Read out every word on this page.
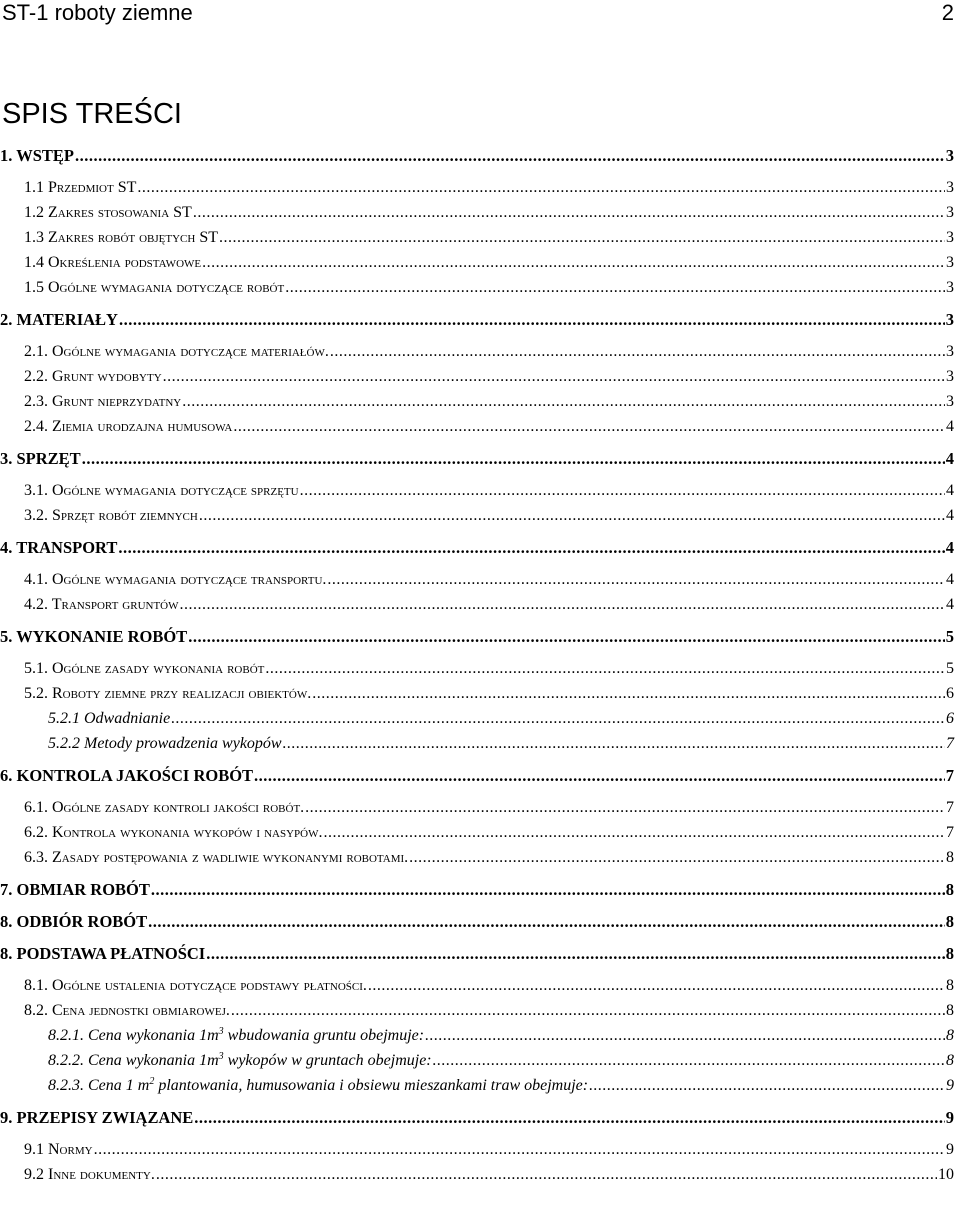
ST-1 roboty ziemne	2
SPIS TREŚCI
1. WSTĘP .....	3
1.1 Przedmiot ST .....	3
1.2 Zakres stosowania ST .....	3
1.3 Zakres robót objętych ST .....	3
1.4 Określenia podstawowe .....	3
1.5 Ogólne wymagania dotyczące robót .....	3
2. MATERIAŁY .....	3
2.1. Ogólne wymagania dotyczące materiałów. .....	3
2.2. Grunt wydobyty .....	3
2.3. Grunt nieprzydatny .....	3
2.4. Ziemia urodzajna humusowa .....	4
3. SPRZĘT .....	4
3.1. Ogólne wymagania dotyczące sprzętu .....	4
3.2. Sprzęt robót ziemnych .....	4
4. TRANSPORT .....	4
4.1. Ogólne wymagania dotyczące transportu. .....	4
4.2. Transport gruntów .....	4
5. WYKONANIE ROBÓT .....	5
5.1. Ogólne zasady wykonania robót .....	5
5.2. Roboty ziemne przy realizacji obiektów. .....	6
5.2.1 Odwadnianie .....	6
5.2.2 Metody prowadzenia wykopów .....	7
6. KONTROLA JAKOŚCI ROBÓT .....	7
6.1. Ogólne zasady kontroli jakości robót. .....	7
6.2. Kontrola wykonania wykopów i nasypów. .....	7
6.3. Zasady postępowania z wadliwie wykonanymi robotami. .....	8
7. OBMIAR ROBÓT .....	8
8. ODBIÓR ROBÓT .....	8
8. PODSTAWA PŁATNOŚCI .....	8
8.1. Ogólne ustalenia dotyczące podstawy płatności. .....	8
8.2. Cena jednostki obmiarowej. .....	8
8.2.1. Cena wykonania $1m^3$ wbudowania gruntu obejmuje: .....	8
8.2.2. Cena wykonania $1m^3$ wykopów w gruntach obejmuje: .....	8
8.2.3. Cena 1 $m^2$ plantowania, humusowania i obsiewu mieszankami traw obejmuje: .....	9
9. PRZEPISY ZWIĄZANE .....	9
9.1 Normy .....	9
9.2 Inne dokumenty. .....	10
